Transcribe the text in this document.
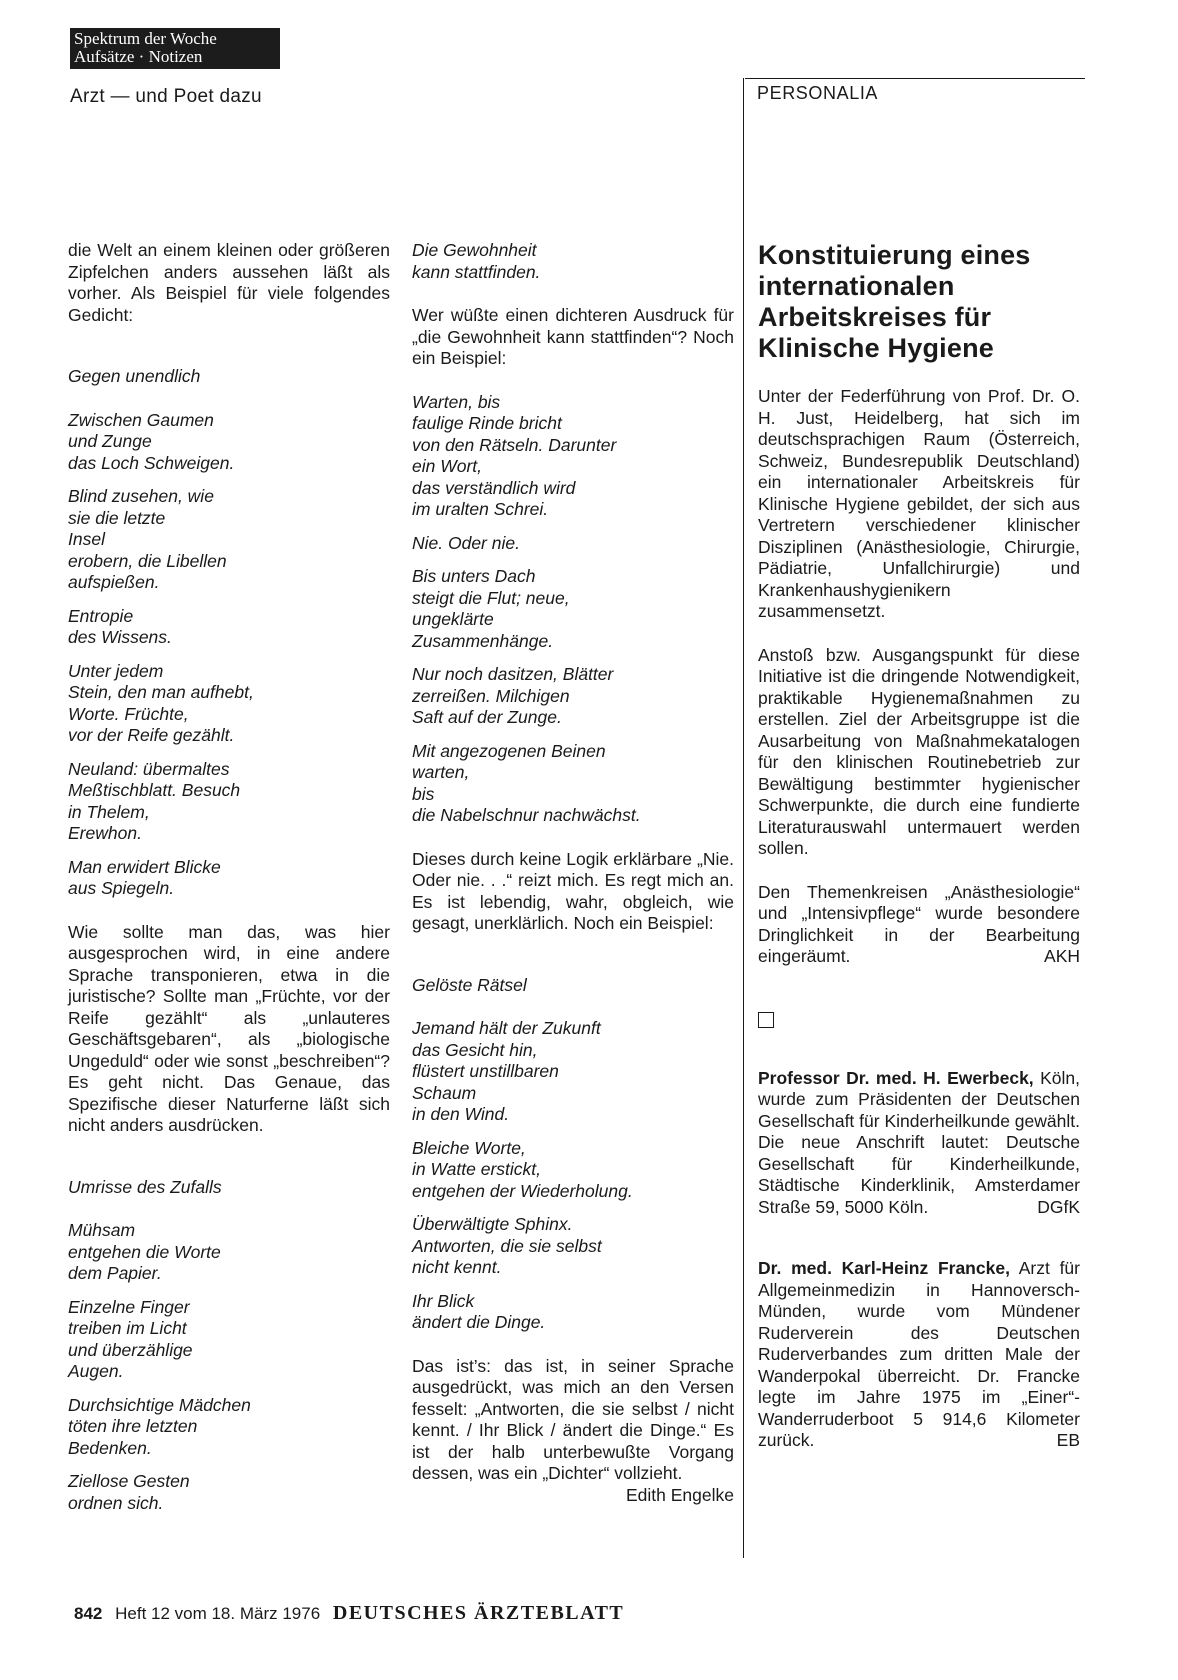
Spektrum der Woche
Aufsätze · Notizen
Arzt — und Poet dazu	PERSONALIA

die Welt an einem kleinen oder größeren Zipfelchen anders aussehen läßt als vorher. Als Beispiel für viele folgendes Gedicht:

Gegen unendlich
Zwischen Gaumen
und Zunge
das Loch Schweigen.
Blind zusehen, wie
sie die letzte
Insel
erobern, die Libellen
aufspießen.
Entropie
des Wissens.
Unter jedem
Stein, den man aufhebt,
Worte. Früchte,
vor der Reife gezählt.
Neuland: übermaltes
Meßtischblatt. Besuch
in Thelem,
Erewhon.
Man erwidert Blicke
aus Spiegeln.

Wie sollte man das, was hier ausgesprochen wird, in eine andere Sprache transponieren, etwa in die juristische? Sollte man „Früchte, vor der Reife gezählt“ als „unlauteres Geschäftsgebaren“, als „biologische Ungeduld“ oder wie sonst „beschreiben“? Es geht nicht. Das Genaue, das Spezifische dieser Naturferne läßt sich nicht anders ausdrücken.

Umrisse des Zufalls
Mühsam
entgehen die Worte
dem Papier.
Einzelne Finger
treiben im Licht
und überzählige
Augen.
Durchsichtige Mädchen
töten ihre letzten
Bedenken.
Ziellose Gesten
ordnen sich.
Die Gewohnheit
kann stattfinden.

Wer wüßte einen dichteren Ausdruck für „die Gewohnheit kann stattfinden“? Noch ein Beispiel:

Warten, bis
faulige Rinde bricht
von den Rätseln. Darunter
ein Wort,
das verständlich wird
im uralten Schrei.
Nie. Oder nie.
Bis unters Dach
steigt die Flut; neue,
ungeklärte
Zusammenhänge.
Nur noch dasitzen, Blätter
zerreißen. Milchigen
Saft auf der Zunge.
Mit angezogenen Beinen
warten,
bis
die Nabelschnur nachwächst.

Dieses durch keine Logik erklärbare „Nie. Oder nie. . .“ reizt mich. Es regt mich an. Es ist lebendig, wahr, obgleich, wie gesagt, unerklärlich. Noch ein Beispiel:

Gelöste Rätsel
Jemand hält der Zukunft
das Gesicht hin,
flüstert unstillbaren
Schaum
in den Wind.
Bleiche Worte,
in Watte erstickt,
entgehen der Wiederholung.
Überwältigte Sphinx.
Antworten, die sie selbst
nicht kennt.
Ihr Blick
ändert die Dinge.

Das ist’s: das ist, in seiner Sprache ausgedrückt, was mich an den Versen fesselt: „Antworten, die sie selbst / nicht kennt. / Ihr Blick / ändert die Dinge.“ Es ist der halb unterbewußte Vorgang dessen, was ein „Dichter“ vollzieht.
Edith Engelke

Konstituierung eines internationalen Arbeitskreises für Klinische Hygiene

Unter der Federführung von Prof. Dr. O. H. Just, Heidelberg, hat sich im deutschsprachigen Raum (Österreich, Schweiz, Bundesrepublik Deutschland) ein internationaler Arbeitskreis für Klinische Hygiene gebildet, der sich aus Vertretern verschiedener klinischer Disziplinen (Anästhesiologie, Chirurgie, Pädiatrie, Unfallchirurgie) und Krankenhaushygienikern zusammensetzt.

Anstoß bzw. Ausgangspunkt für diese Initiative ist die dringende Notwendigkeit, praktikable Hygienemaßnahmen zu erstellen. Ziel der Arbeitsgruppe ist die Ausarbeitung von Maßnahmekatalogen für den klinischen Routinebetrieb zur Bewältigung bestimmter hygienischer Schwerpunkte, die durch eine fundierte Literaturauswahl untermauert werden sollen.

Den Themenkreisen „Anästhesiologie“ und „Intensivpflege“ wurde besondere Dringlichkeit in der Bearbeitung eingeräumt.	AKH

Professor Dr. med. H. Ewerbeck, Köln, wurde zum Präsidenten der Deutschen Gesellschaft für Kinderheilkunde gewählt. Die neue Anschrift lautet: Deutsche Gesellschaft für Kinderheilkunde, Städtische Kinderklinik, Amsterdamer Straße 59, 5000 Köln.	DGfK

Dr. med. Karl-Heinz Francke, Arzt für Allgemeinmedizin in Hannoversch-Münden, wurde vom Mündener Ruderverein des Deutschen Ruderverbandes zum dritten Male der Wanderpokal überreicht. Dr. Francke legte im Jahre 1975 im „Einer“-Wanderruderboot 5 914,6 Kilometer zurück.	EB

842 Heft 12 vom 18. März 1976 DEUTSCHES ÄRZTEBLATT
